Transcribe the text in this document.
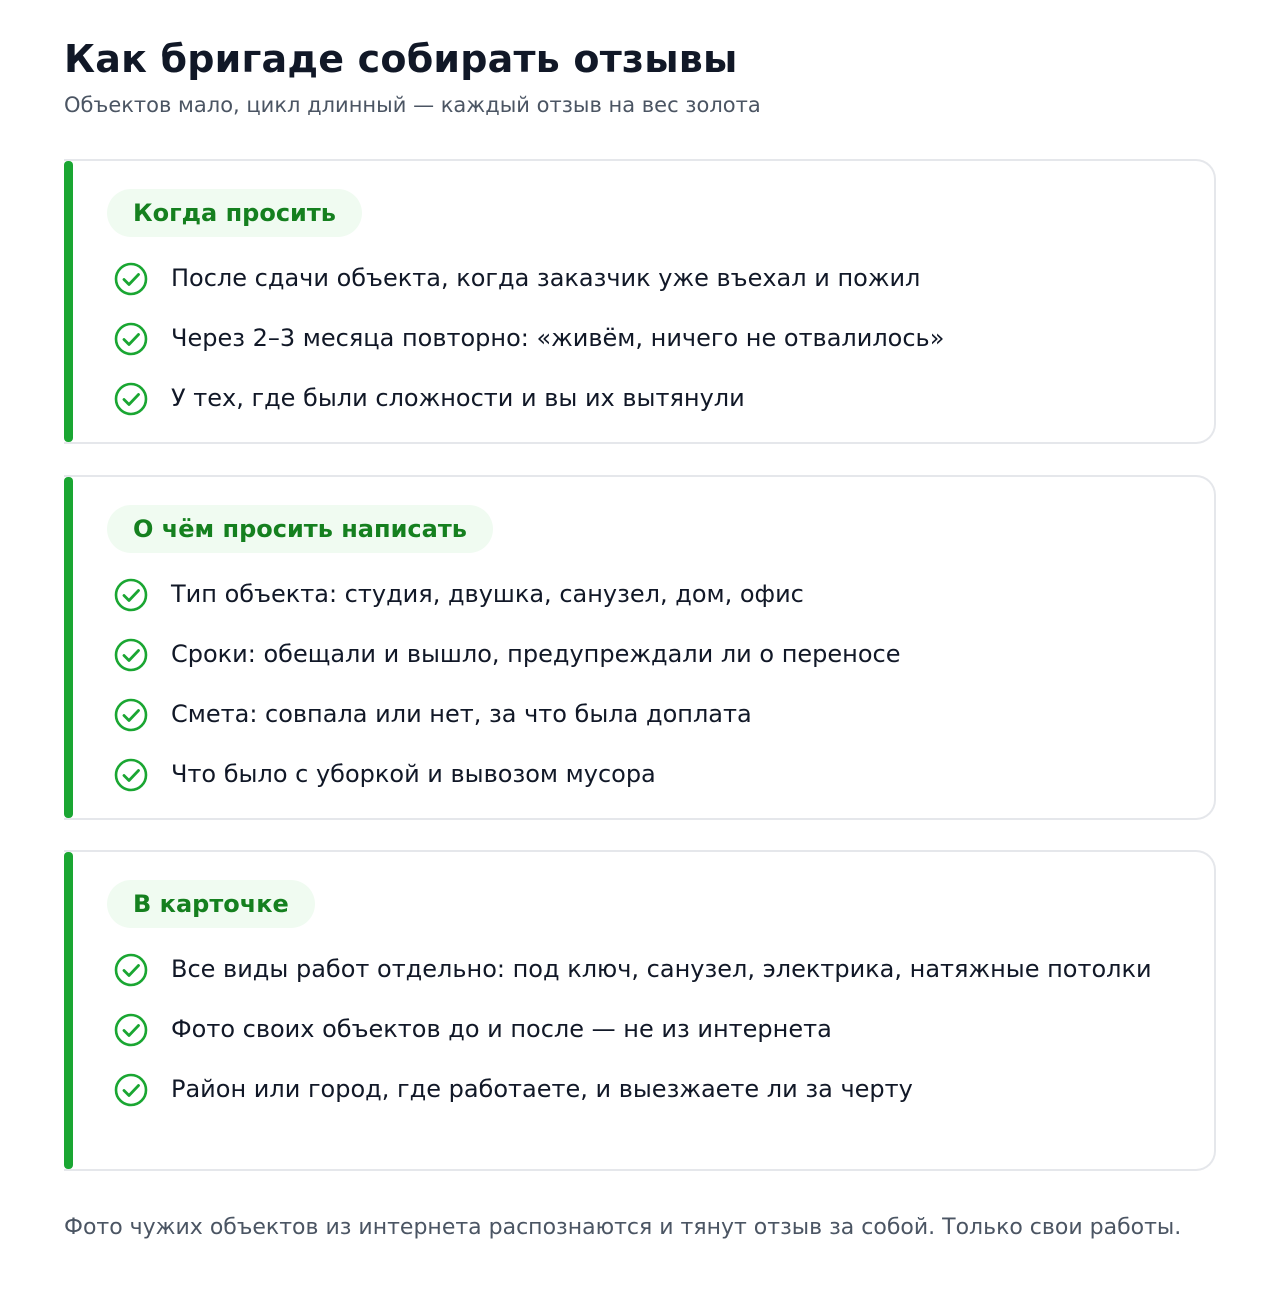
Как бригаде собирать отзывы

Объектов мало, цикл длинный — каждый отзыв на вес золота

Когда просить
После сдачи объекта, когда заказчик уже въехал и пожил
Через 2–3 месяца повторно: «живём, ничего не отвалилось»
У тех, где были сложности и вы их вытянули
О чём просить написать
Тип объекта: студия, двушка, санузел, дом, офис
Сроки: обещали и вышло, предупреждали ли о переносе
Смета: совпала или нет, за что была доплата
Что было с уборкой и вывозом мусора
В карточке
Все виды работ отдельно: под ключ, санузел, электрика, натяжные потолки
Фото своих объектов до и после — не из интернета
Район или город, где работаете, и выезжаете ли за черту

Фото чужих объектов из интернета распознаются и тянут отзыв за собой. Только свои работы.
